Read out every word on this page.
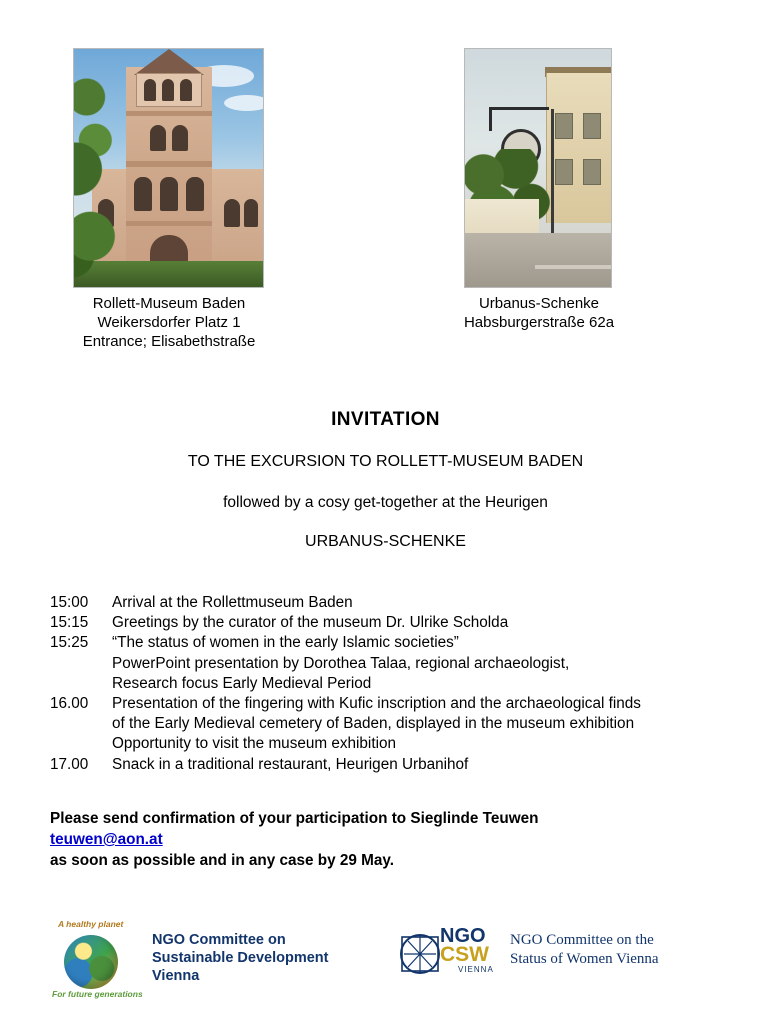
Rollett-Museum Baden
Weikersdorfer Platz 1
Entrance; Elisabethstraße
Urbanus-Schenke
Habsburgerstraße 62a
INVITATION
TO THE EXCURSION TO ROLLETT-MUSEUM BADEN
followed by a cosy get-together at the Heurigen
URBANUS-SCHENKE
15:00	Arrival at the Rollettmuseum Baden
15:15	Greetings by the curator of the museum Dr. Ulrike Scholda
15:25	“The status of women in the early Islamic societies”
PowerPoint presentation by Dorothea Talaa, regional archaeologist,
Research focus Early Medieval Period
16.00	Presentation of the fingering with Kufic inscription and the archaeological finds
of the Early Medieval cemetery of Baden, displayed in the museum exhibition
Opportunity to visit the museum exhibition
17.00	Snack in a traditional restaurant, Heurigen Urbanihof
Please send confirmation of your participation to Sieglinde Teuwen
teuwen@aon.at
as soon as possible and in any case by 29 May.
A healthy planet
For future generations
NGO Committee on
Sustainable Development
Vienna
NGO
CSW
VIENNA
NGO Committee on the
Status of Women Vienna
